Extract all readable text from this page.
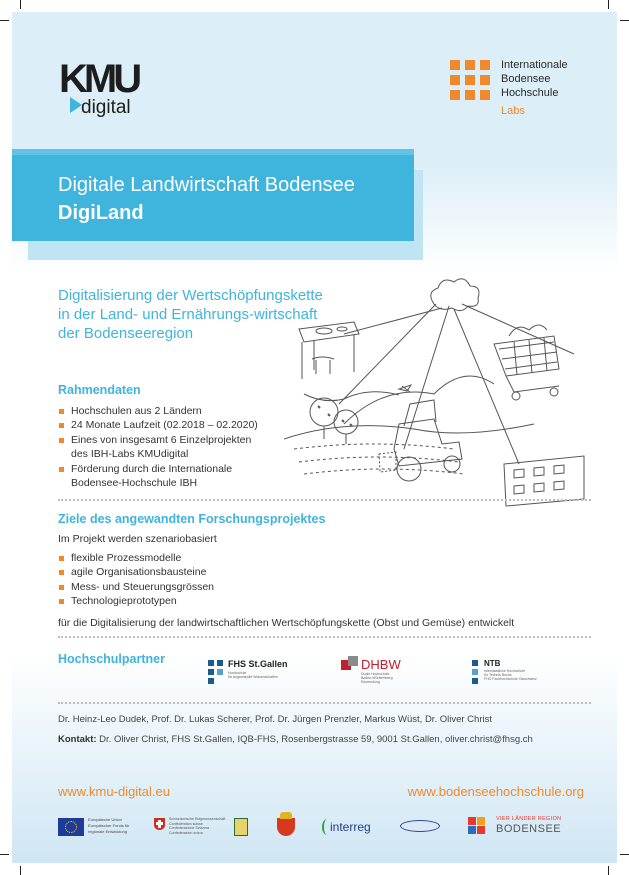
KMU
digital
Internationale
Bodensee
Hochschule
Labs
Digitale Landwirtschaft Bodensee
DigiLand
Digitalisierung der Wertschöpfungskette in der Land- und Ernährungs-wirtschaft der Bodenseeregion
Rahmendaten
Hochschulen aus 2 Ländern
24 Monate Laufzeit (02.2018 – 02.2020)
Eines von insgesamt 6 Einzelprojekten des IBH-Labs KMUdigital
Förderung durch die Internationale Bodensee-Hochschule IBH
Ziele des angewandten Forschungsprojektes
Im Projekt werden szenariobasiert
flexible Prozessmodelle
agile Organisationsbausteine
Mess- und Steuerungsgrössen
Technologieprototypen
für die Digitalisierung der landwirtschaftlichen Wertschöpfungskette (Obst und Gemüse) entwickelt
Hochschulpartner	FHS St.Gallen
Hochschule
für Angewandte Wissenschaften
DHBW
Duale Hochschule
Baden-Württemberg
Ravensburg
NTB
Interstaatliche Hochschule
für Technik Buchs
FHO Fachhochschule Ostschweiz
Dr. Heinz-Leo Dudek, Prof. Dr. Lukas Scherer, Prof. Dr. Jürgen Prenzler, Markus Wüst, Dr. Oliver Christ
Kontakt: Dr. Oliver Christ, FHS St.Gallen, IQB-FHS, Rosenbergstrasse 59, 9001 St.Gallen, oliver.christ@fhsg.ch
www.kmu-digital.eu	www.bodenseehochschule.org
Europäische Union
Europäischer Fonds für
regionale Entwicklung
Schweizerische Eidgenossenschaft
Confédération suisse
Confederazione Svizzera
Confederaziun svizra	interreg
VIER LÄNDER REGION
BODENSEE
